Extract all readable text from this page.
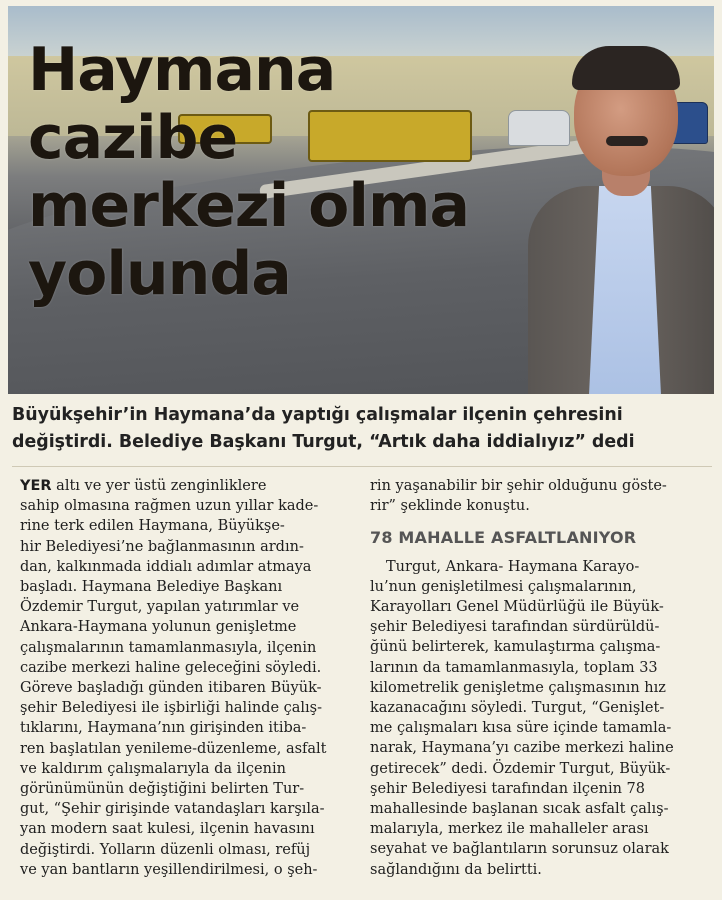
Haymana cazibe
merkezi olma
yolunda
Büyükşehir’in Haymana’da yaptığı çalışmalar ilçenin çehresini
değiştirdi. Belediye Başkanı Turgut, “Artık daha iddialıyız” dedi
YER altı ve yer üstü zenginliklere
sahip olmasına rağmen uzun yıllar kade-
rine terk edilen Haymana, Büyükşe-
hir Belediyesi’ne bağlanmasının ardın-
dan, kalkınmada iddialı adımlar atmaya
başladı. Haymana Belediye Başkanı
Özdemir Turgut, yapılan yatırımlar ve
Ankara-Haymana yolunun genişletme
çalışmalarının tamamlanmasıyla, ilçenin
cazibe merkezi haline geleceğini söyledi.
Göreve başladığı günden itibaren Büyük-
şehir Belediyesi ile işbirliği halinde çalış-
tıklarını, Haymana’nın girişinden itiba-
ren başlatılan yenileme-düzenleme, asfalt
ve kaldırım çalışmalarıyla da ilçenin
görünümünün değiştiğini belirten Tur-
gut, “Şehir girişinde vatandaşları karşıla-
yan modern saat kulesi, ilçenin havasını
değiştirdi. Yolların düzenli olması, refüj
ve yan bantların yeşillendirilmesi, o şeh-
rin yaşanabilir bir şehir olduğunu göste-
rir” şeklinde konuştu.
78 MAHALLE ASFALTLANIYOR
Turgut, Ankara- Haymana Karayo-
lu’nun genişletilmesi çalışmalarının,
Karayolları Genel Müdürlüğü ile Büyük-
şehir Belediyesi tarafından sürdürüldü-
ğünü belirterek, kamulaştırma çalışma-
larının da tamamlanmasıyla, toplam 33
kilometrelik genişletme çalışmasının hız
kazanacağını söyledi. Turgut, “Genişlet-
me çalışmaları kısa süre içinde tamamla-
narak, Haymana’yı cazibe merkezi haline
getirecek” dedi. Özdemir Turgut, Büyük-
şehir Belediyesi tarafından ilçenin 78
mahallesinde başlanan sıcak asfalt çalış-
malarıyla, merkez ile mahalleler arası
seyahat ve bağlantıların sorunsuz olarak
sağlandığını da belirtti.
